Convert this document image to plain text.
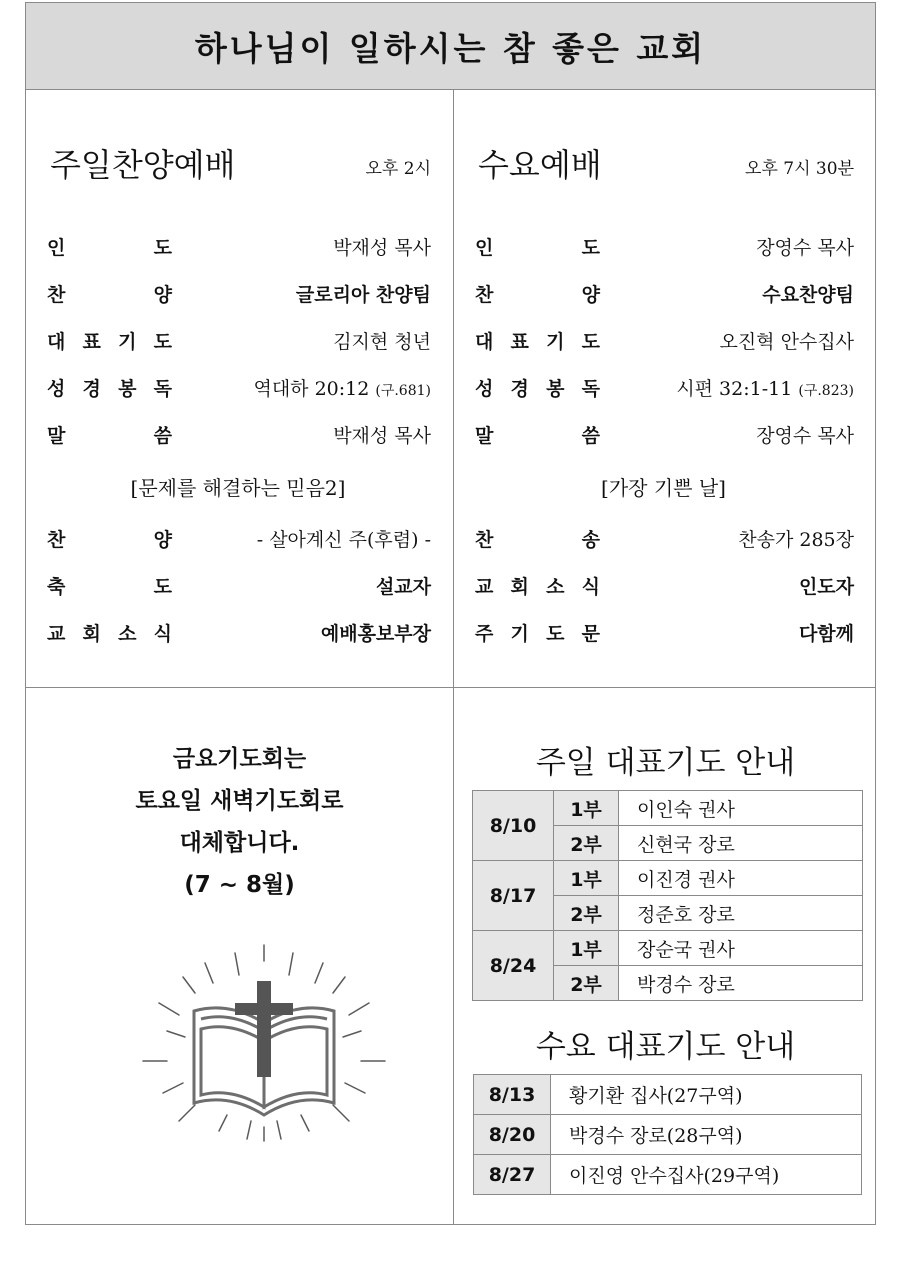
하나님이 일하시는 참 좋은 교회
주일찬양예배	오후 2시
인	도	박재성 목사
찬	양	글로리아 찬양팀
대 표 기 도	김지현 청년
성 경 봉 독	역대하 20:12 (구.681)
말	씀	박재성 목사
[문제를 해결하는 믿음2]
찬	양	- 살아계신 주(후렴) -
축	도	설교자
교 회 소 식	예배홍보부장
수요예배	오후 7시 30분
인	도	장영수 목사
찬	양	수요찬양팀
대 표 기 도	오진혁 안수집사
성 경 봉 독	시편 32:1-11 (구.823)
말	씀	장영수 목사
[가장 기쁜 날]
찬	송	찬송가 285장
교 회 소 식	인도자
주 기 도 문	다함께
금요기도회는
토요일 새벽기도회로
대체합니다.
(7 ~ 8월)
주일 대표기도 안내
8/10	1부	이인숙 권사
	2부	신현국 장로
8/17	1부	이진경 권사
	2부	정준호 장로
8/24	1부	장순국 권사
	2부	박경수 장로
수요 대표기도 안내
8/13	황기환 집사(27구역)
8/20	박경수 장로(28구역)
8/27	이진영 안수집사(29구역)
